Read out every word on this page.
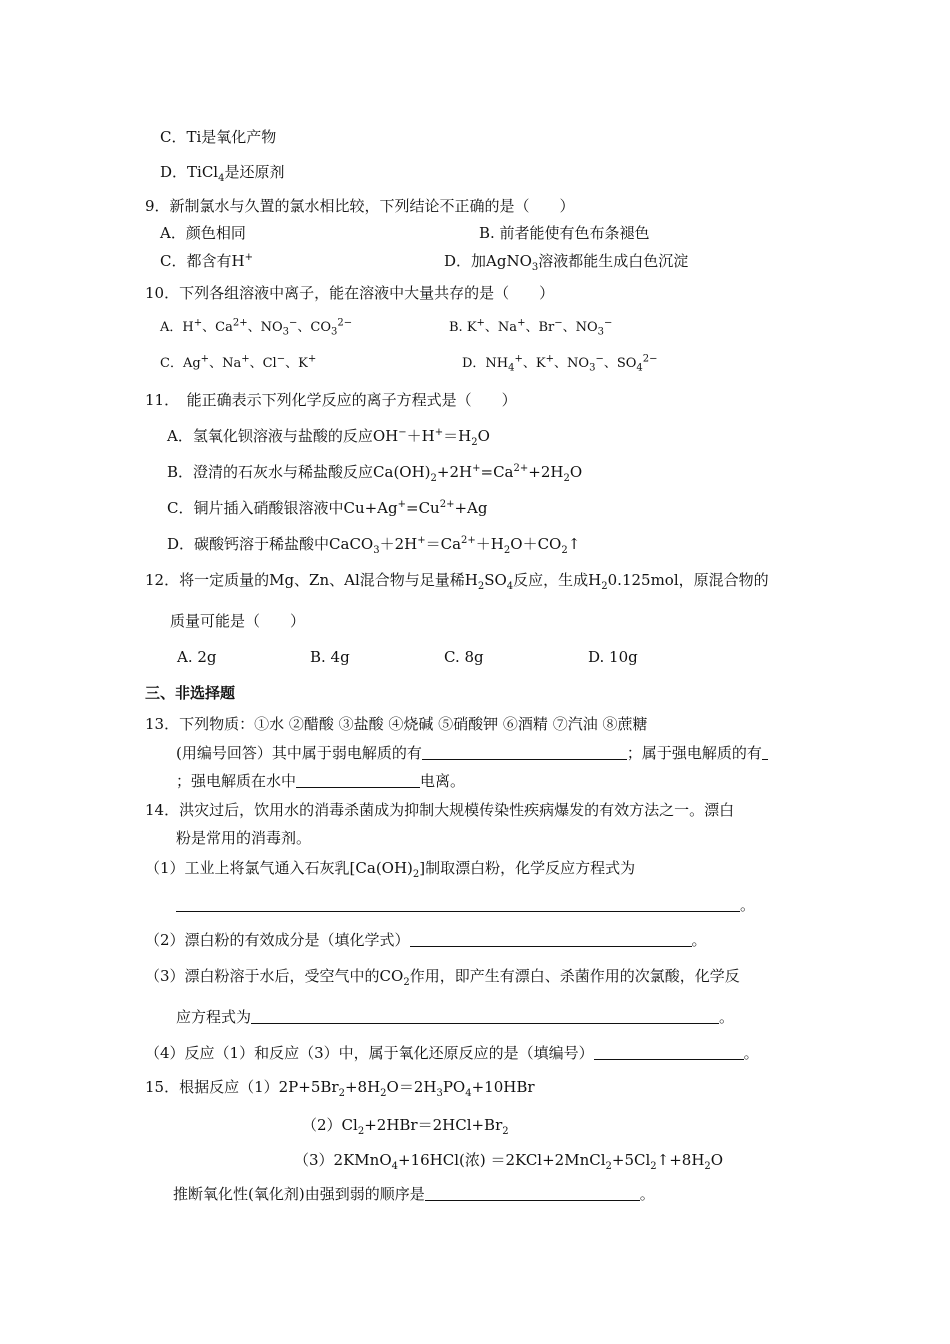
C．Ti是氧化产物
D．TiCl$_4$是还原剂
9．新制氯水与久置的氯水相比较，下列结论不正确的是（　　）
A．颜色相同	B. 前者能使有色布条褪色
C．都含有H+	D．加AgNO$_3$溶液都能生成白色沉淀
10．下列各组溶液中离子，能在溶液中大量共存的是（　　）
A．H+、$Ca^{2+}$、$NO_3^-$、$CO_3^{2-}$	B. K+、Na+、Br−、$NO_3^-$
C．Ag+、Na+、Cl−、K+	D．$NH_4^+$、K+、$NO_3^-$、$SO_4^{2-}$
11．　能正确表示下列化学反应的离子方程式是（　　）
A．氢氧化钡溶液与盐酸的反应$OH^-+H^+=H_2O$
B．澄清的石灰水与稀盐酸反应$Ca(OH)_2+2H^+=Ca^{2+}+2H_2O$
C．铜片插入硝酸银溶液中$Cu+Ag^+=Cu^{2+}+Ag$
D．碳酸钙溶于稀盐酸中$CaCO_3+2H^+=Ca^{2+}+H_2O+CO_2↑$
12．将一定质量的Mg、Zn、Al混合物与足量稀$H_2SO_4$反应，生成$H_20.125mol$，原混合物的
质量可能是（　　）
A. 2g	B. 4g	C. 8g	D. 10g
三、非选择题
13．下列物质：①水 ②醋酸 ③盐酸 ④烧碱 ⑤硝酸钾 ⑥酒精 ⑦汽油 ⑧蔗糖
(用编号回答）其中属于弱电解质的有	；属于强电解质的有
；强电解质在水中	电离。
14．洪灾过后，饮用水的消毒杀菌成为抑制大规模传染性疾病爆发的有效方法之一。漂白
粉是常用的消毒剂。
（1）工业上将氯气通入石灰乳$[Ca(OH)_2]$制取漂白粉，化学反应方程式为
。
（2）漂白粉的有效成分是（填化学式）	。
（3）漂白粉溶于水后，受空气中的$CO_2$作用，即产生有漂白、杀菌作用的次氯酸，化学反
应方程式为	。
（4）反应（1）和反应（3）中，属于氧化还原反应的是（填编号）	。
15．根据反应$(1)2P+5Br_2+8H_2O=2H_3PO_4+10HBr$
$(2)Cl_2+2HBr=2HCl+Br_2$
（3）2KMnO$_4$+16HCl(浓) $=2KCl+2MnCl_2+5Cl_2↑+8H_2O$
推断氧化性(氧化剂)由强到弱的顺序是	。
